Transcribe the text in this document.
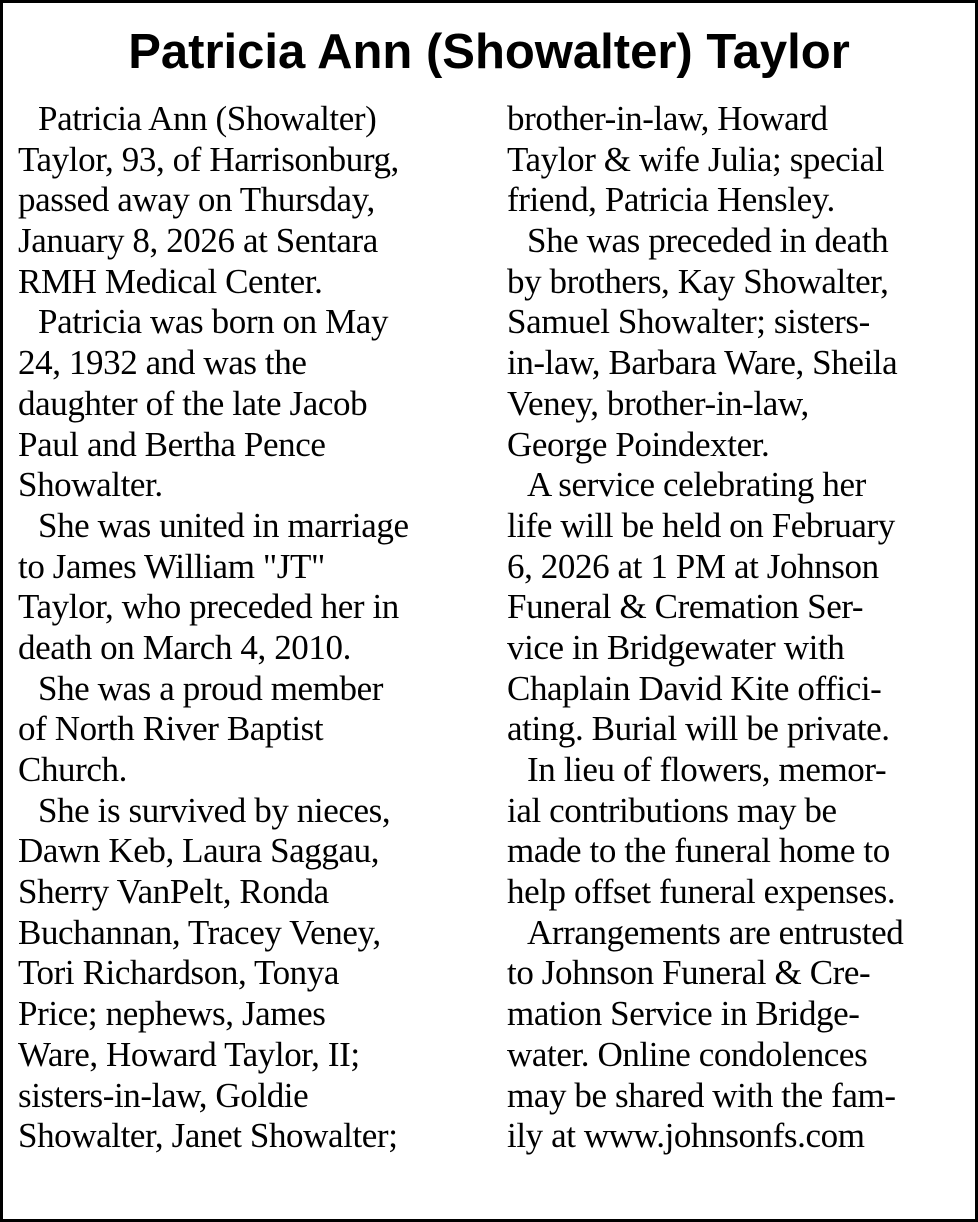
Patricia Ann (Showalter) Taylor
Patricia Ann (Showalter)
Taylor, 93, of Harrisonburg,
passed away on Thursday,
January 8, 2026 at Sentara
RMH Medical Center.
Patricia was born on May
24, 1932 and was the
daughter of the late Jacob
Paul and Bertha Pence
Showalter.
She was united in marriage
to James William "JT"
Taylor, who preceded her in
death on March 4, 2010.
She was a proud member
of North River Baptist
Church.
She is survived by nieces,
Dawn Keb, Laura Saggau,
Sherry VanPelt, Ronda
Buchannan, Tracey Veney,
Tori Richardson, Tonya
Price; nephews, James
Ware, Howard Taylor, II;
sisters-in-law, Goldie
Showalter, Janet Showalter;
brother-in-law, Howard
Taylor & wife Julia; special
friend, Patricia Hensley.
She was preceded in death
by brothers, Kay Showalter,
Samuel Showalter; sisters-
in-law, Barbara Ware, Sheila
Veney, brother-in-law,
George Poindexter.
A service celebrating her
life will be held on February
6, 2026 at 1 PM at Johnson
Funeral & Cremation Ser-
vice in Bridgewater with
Chaplain David Kite offici-
ating. Burial will be private.
In lieu of flowers, memor-
ial contributions may be
made to the funeral home to
help offset funeral expenses.
Arrangements are entrusted
to Johnson Funeral & Cre-
mation Service in Bridge-
water. Online condolences
may be shared with the fam-
ily at www.johnsonfs.com
